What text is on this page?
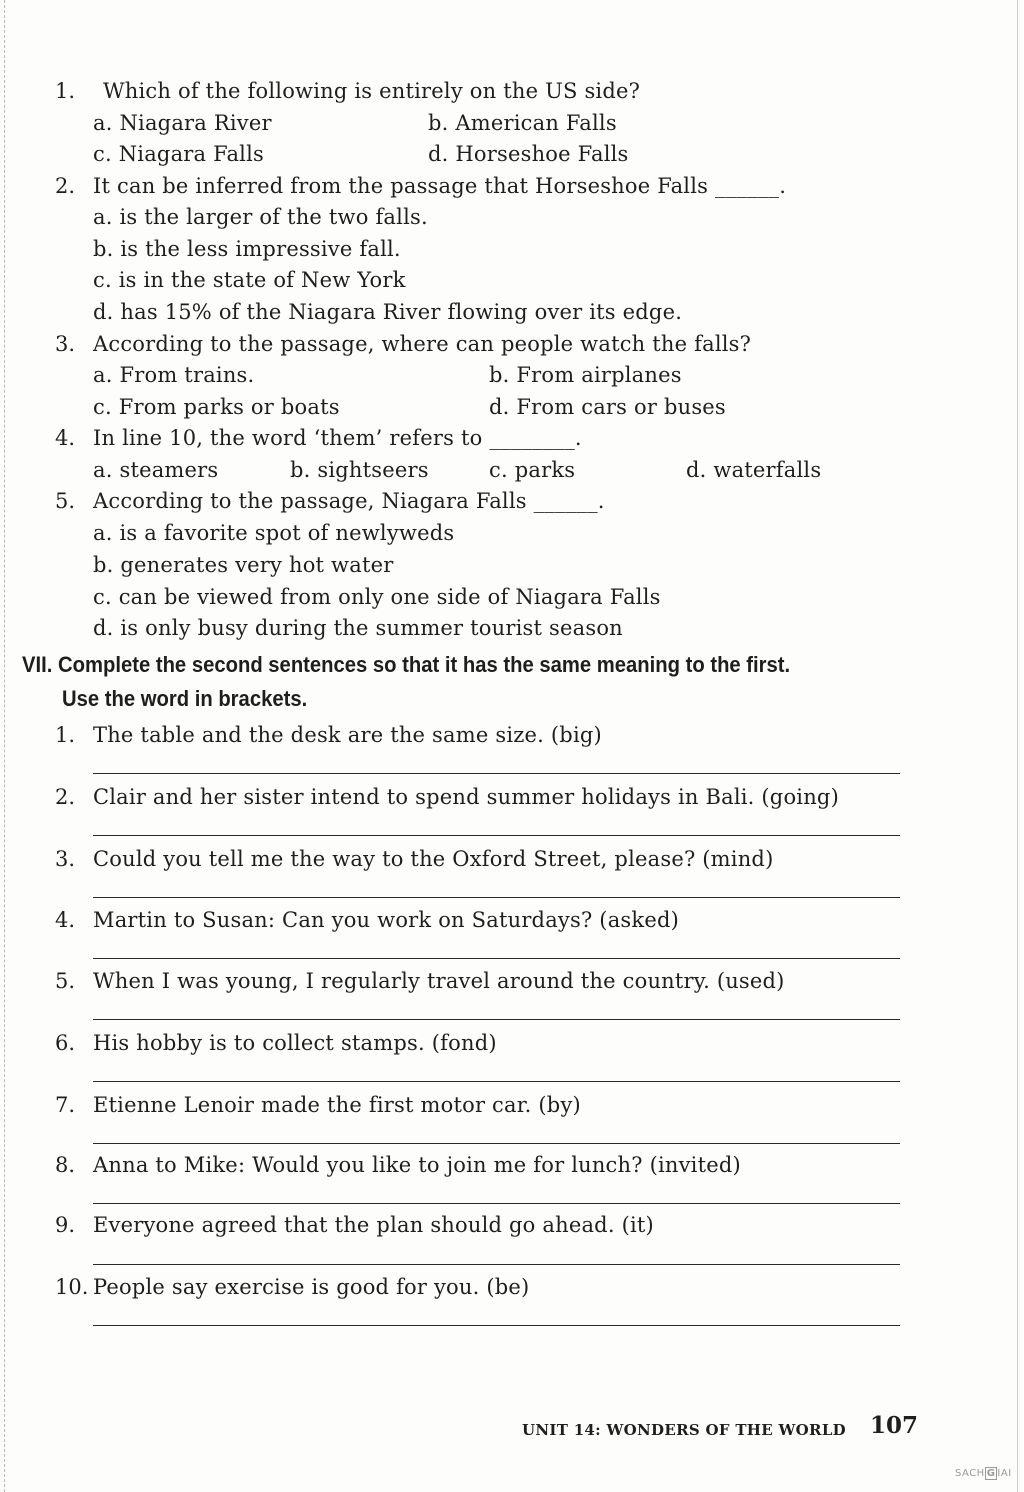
1. Which of the following is entirely on the US side?
a. Niagara River	b. American Falls
c. Niagara Falls	d. Horseshoe Falls
2. It can be inferred from the passage that Horseshoe Falls ______.
a. is the larger of the two falls.
b. is the less impressive fall.
c. is in the state of New York
d. has 15% of the Niagara River flowing over its edge.
3. According to the passage, where can people watch the falls?
a. From trains.	b. From airplanes
c. From parks or boats	d. From cars or buses
4. In line 10, the word ‘them’ refers to ________.
a. steamers	b. sightseers	c. parks	d. waterfalls
5. According to the passage, Niagara Falls ______.
a. is a favorite spot of newlyweds
b. generates very hot water
c. can be viewed from only one side of Niagara Falls
d. is only busy during the summer tourist season
VII. Complete the second sentences so that it has the same meaning to the first.
Use the word in brackets.
1. The table and the desk are the same size. (big)
2. Clair and her sister intend to spend summer holidays in Bali. (going)
3. Could you tell me the way to the Oxford Street, please? (mind)
4. Martin to Susan: Can you work on Saturdays? (asked)
5. When I was young, I regularly travel around the country. (used)
6. His hobby is to collect stamps. (fond)
7. Etienne Lenoir made the first motor car. (by)
8. Anna to Mike: Would you like to join me for lunch? (invited)
9. Everyone agreed that the plan should go ahead. (it)
10. People say exercise is good for you. (be)
UNIT 14: WONDERS OF THE WORLD 107
SACH G IAI
